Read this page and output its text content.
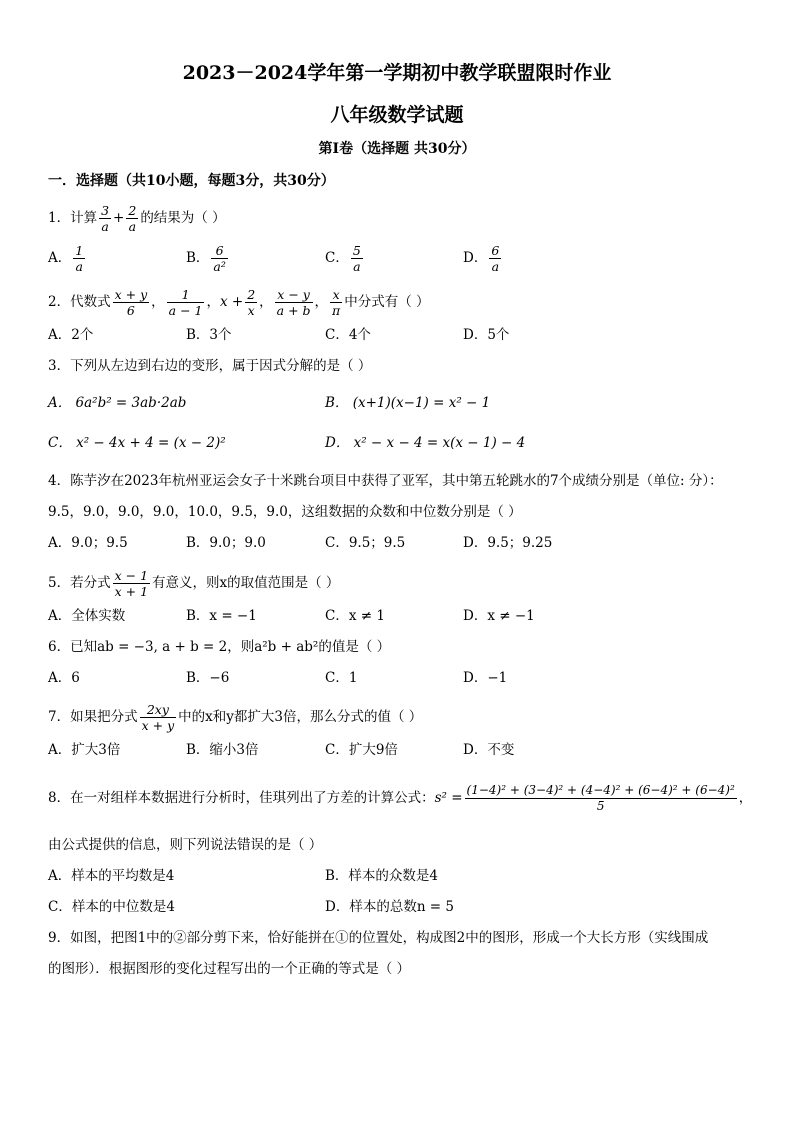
2023－2024学年第一学期初中教学联盟限时作业
八年级数学试题
第Ⅰ卷（选择题 共30分）
一．选择题（共10小题，每题3分，共30分）
1．计算 $\frac{3}{a} + \frac{2}{a}$ 的结果为（ ）
A． $\frac{1}{a}$	B． $\frac{6}{\text{a²}}$	C． $\frac{5}{a}$	D． $\frac{6}{a}$
2．代数式 $\frac{x + y}{6}$ ， $\frac{1}{a - 1}$ ，$x + \frac{2}{x}$ ， $\frac{x - y}{a + b}$ ， $\frac{x}{\pi}$ 中分式有（ ）
A．2个	B．3个	C．4个	D．5个
3．下列从左边到右边的变形，属于因式分解的是（ ）
A． 6a²b² = 3ab·2ab	B． (x+1)(x−1) = x² − 1
C． x² − 4x + 4 = (x − 2)²	D． x² − x − 4 = x(x − 1) − 4
4．陈芋汐在2023年杭州亚运会女子十米跳台项目中获得了亚军，其中第五轮跳水的7个成绩分别是（单位: 分）：
9.5，9.0，9.0，9.0，10.0，9.5，9.0，这组数据的众数和中位数分别是（ ）
A．9.0；9.5	B．9.0；9.0	C．9.5；9.5	D．9.5；9.25
5．若分式 $\frac{x - 1}{x + 1}$ 有意义，则x的取值范围是（ ）
A．全体实数	B．x = −1	C．x ≠ 1	D．x ≠ −1
6．已知ab = −3, a + b = 2，则a²b + ab²的值是（ ）
A．6	B．−6	C．1	D．−1
7．如果把分式 $\frac{2xy}{x + y}$ 中的x和y都扩大3倍，那么分式的值（ ）
A．扩大3倍	B．缩小3倍	C．扩大9倍	D．不变
8．在一对组样本数据进行分析时，佳琪列出了方差的计算公式：$s^2 = \frac{\text{(1−4)² + (3−4)² + (4−4)² + (6−4)² + (6−4)²}}{5}$ ，
由公式提供的信息，则下列说法错误的是（ ）
A．样本的平均数是4	B．样本的众数是4
C．样本的中位数是4	D．样本的总数n = 5
9．如图，把图1中的②部分剪下来，恰好能拼在①的位置处，构成图2中的图形，形成一个大长方形（实线围成
的图形）．根据图形的变化过程写出的一个正确的等式是（ ）
